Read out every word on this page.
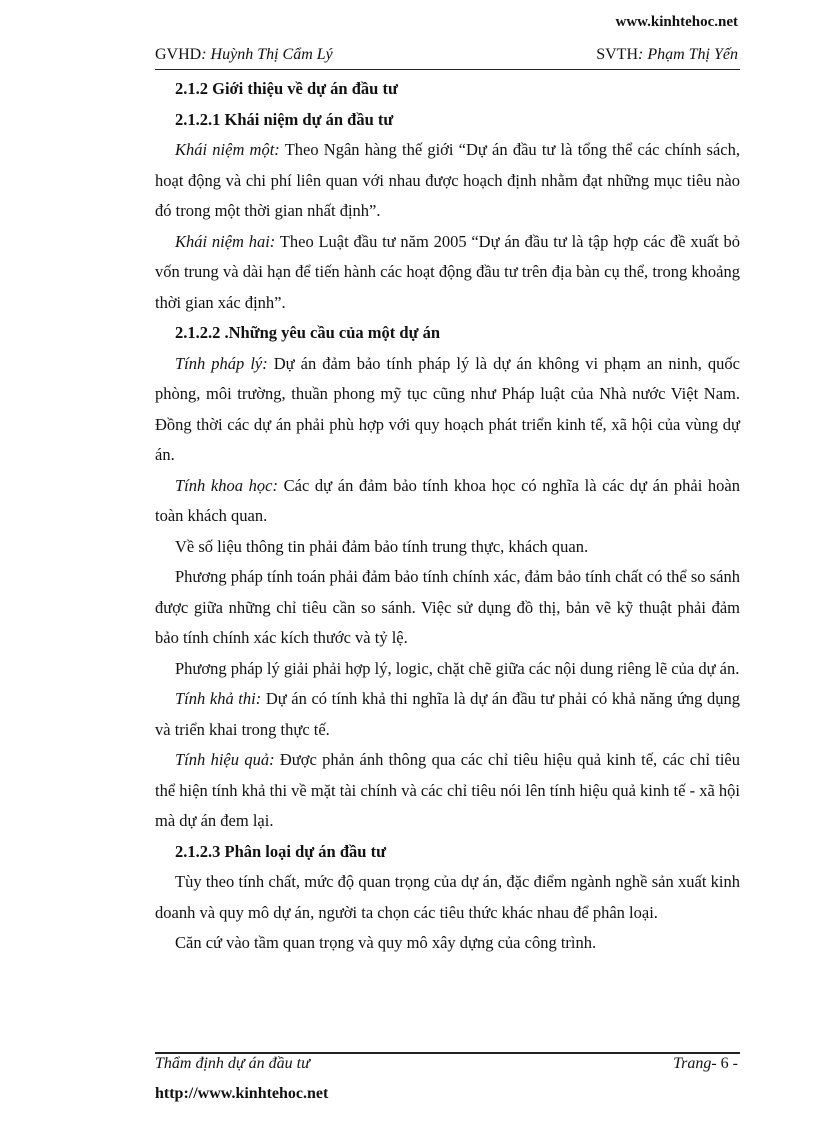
www.kinhtehoc.net
GVHD: Huỳnh Thị Cẩm Lý	SVTH: Phạm Thị Yến
2.1.2 Giới thiệu về dự án đầu tư
2.1.2.1 Khái niệm dự án đầu tư

Khái niệm một: Theo Ngân hàng thế giới “Dự án đầu tư là tổng thể các chính sách, hoạt động và chi phí liên quan với nhau được hoạch định nhằm đạt những mục tiêu nào đó trong một thời gian nhất định”.

Khái niệm hai: Theo Luật đầu tư năm 2005 “Dự án đầu tư là tập hợp các đề xuất bỏ vốn trung và dài hạn để tiến hành các hoạt động đầu tư trên địa bàn cụ thể, trong khoảng thời gian xác định”.

2.1.2.2 .Những yêu cầu của một dự án

Tính pháp lý: Dự án đảm bảo tính pháp lý là dự án không vi phạm an ninh, quốc phòng, môi trường, thuần phong mỹ tục cũng như Pháp luật của Nhà nước Việt Nam. Đồng thời các dự án phải phù hợp với quy hoạch phát triển kinh tế, xã hội của vùng dự án.

Tính khoa học: Các dự án đảm bảo tính khoa học có nghĩa là các dự án phải hoàn toàn khách quan.

Về số liệu thông tin phải đảm bảo tính trung thực, khách quan.

Phương pháp tính toán phải đảm bảo tính chính xác, đảm bảo tính chất có thể so sánh được giữa những chỉ tiêu cần so sánh. Việc sử dụng đồ thị, bản vẽ kỹ thuật phải đảm bảo tính chính xác kích thước và tỷ lệ.

Phương pháp lý giải phải hợp lý, logic, chặt chẽ giữa các nội dung riêng lẽ của dự án.

Tính khả thi: Dự án có tính khả thi nghĩa là dự án đầu tư phải có khả năng ứng dụng và triển khai trong thực tế.

Tính hiệu quả: Được phản ánh thông qua các chỉ tiêu hiệu quả kinh tế, các chỉ tiêu thể hiện tính khả thi về mặt tài chính và các chỉ tiêu nói lên tính hiệu quả kinh tế - xã hội mà dự án đem lại.

2.1.2.3 Phân loại dự án đầu tư

Tùy theo tính chất, mức độ quan trọng của dự án, đặc điểm ngành nghề sản xuất kinh doanh và quy mô dự án, người ta chọn các tiêu thức khác nhau để phân loại.

Căn cứ vào tầm quan trọng và quy mô xây dựng của công trình.

Thẩm định dự án đầu tư	Trang- 6 -
http://www.kinhtehoc.net
